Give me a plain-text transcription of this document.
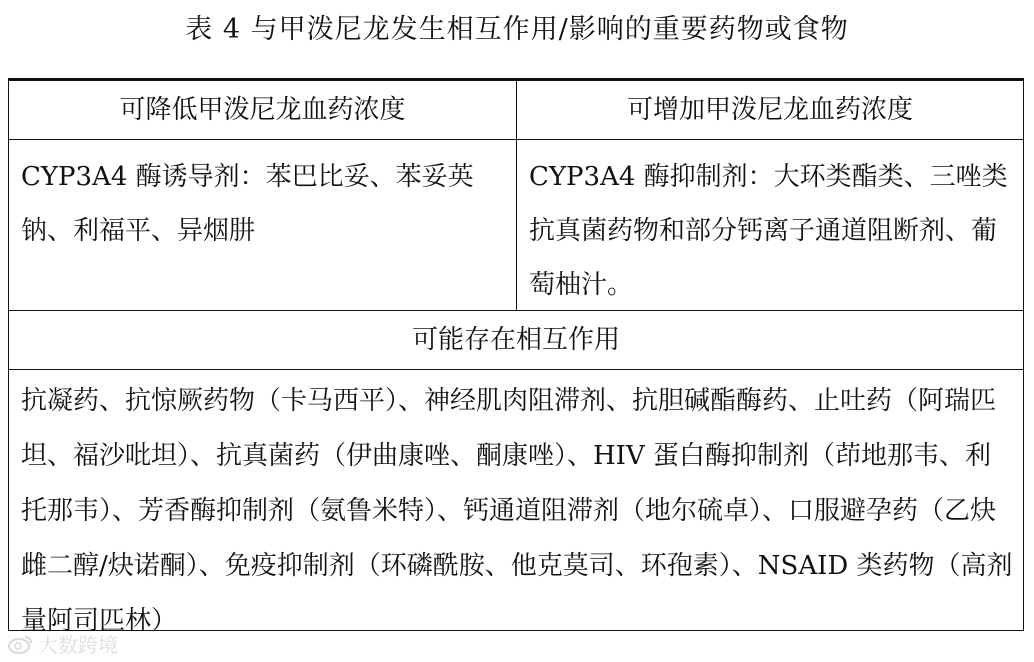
表 4 与甲泼尼龙发生相互作用/影响的重要药物或食物
可降低甲泼尼龙血药浓度	可增加甲泼尼龙血药浓度
CYP3A4 酶诱导剂：苯巴比妥、苯妥英钠、利福平、异烟肼
CYP3A4 酶抑制剂：大环类酯类、三唑类抗真菌药物和部分钙离子通道阻断剂、葡萄柚汁。
可能存在相互作用
抗凝药、抗惊厥药物（卡马西平）、神经肌肉阻滞剂、抗胆碱酯酶药、止吐药（阿瑞匹坦、福沙吡坦）、抗真菌药（伊曲康唑、酮康唑）、HIV 蛋白酶抑制剂（茚地那韦、利托那韦）、芳香酶抑制剂（氨鲁米特）、钙通道阻滞剂（地尔硫卓）、口服避孕药（乙炔雌二醇/炔诺酮）、免疫抑制剂（环磷酰胺、他克莫司、环孢素）、NSAID 类药物（高剂量阿司匹林）
大数跨境
